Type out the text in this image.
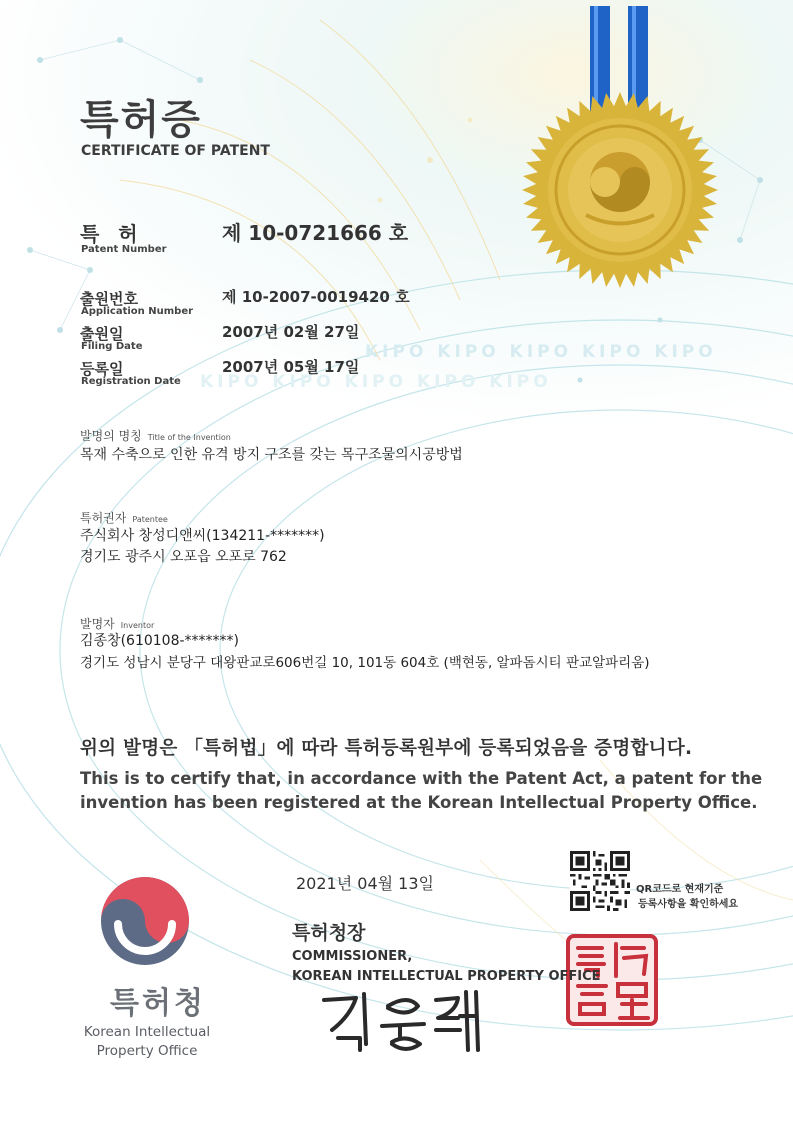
KIPO KIPO KIPO KIPO KIPO

KIPO KIPO KIPO KIPO KIPO

특허증

CERTIFICATE OF PATENT

특 허

Patent Number

제 10-0721666 호

출원번호

Application Number

제 10-2007-0019420 호

출원일

Filing Date

2007년 02월 27일

등록일

Registration Date

2007년 05월 17일

발명의 명칭 Title of the Invention

목재 수축으로 인한 유격 방지 구조를 갖는 목구조물의시공방법

특허권자 Patentee

주식회사 창성디앤씨(134211-*******)

경기도 광주시 오포읍 오포로 762

발명자 Inventor

김종창(610108-*******)

경기도 성남시 분당구 대왕판교로606번길 10, 101동 604호 (백현동, 알파돔시티 판교알파리움)

위의 발명은 「특허법」에 따라 특허등록원부에 등록되었음을 증명합니다.

This is to certify that, in accordance with the Patent Act, a patent for the

invention has been registered at the Korean Intellectual Property Office.

2021년 04월 13일	QR코드로 현재기준

등록사항을 확인하세요

특허청장

COMMISSIONER,

KOREAN INTELLECTUAL PROPERTY OFFICE

특허청

Korean Intellectual

Property Office
